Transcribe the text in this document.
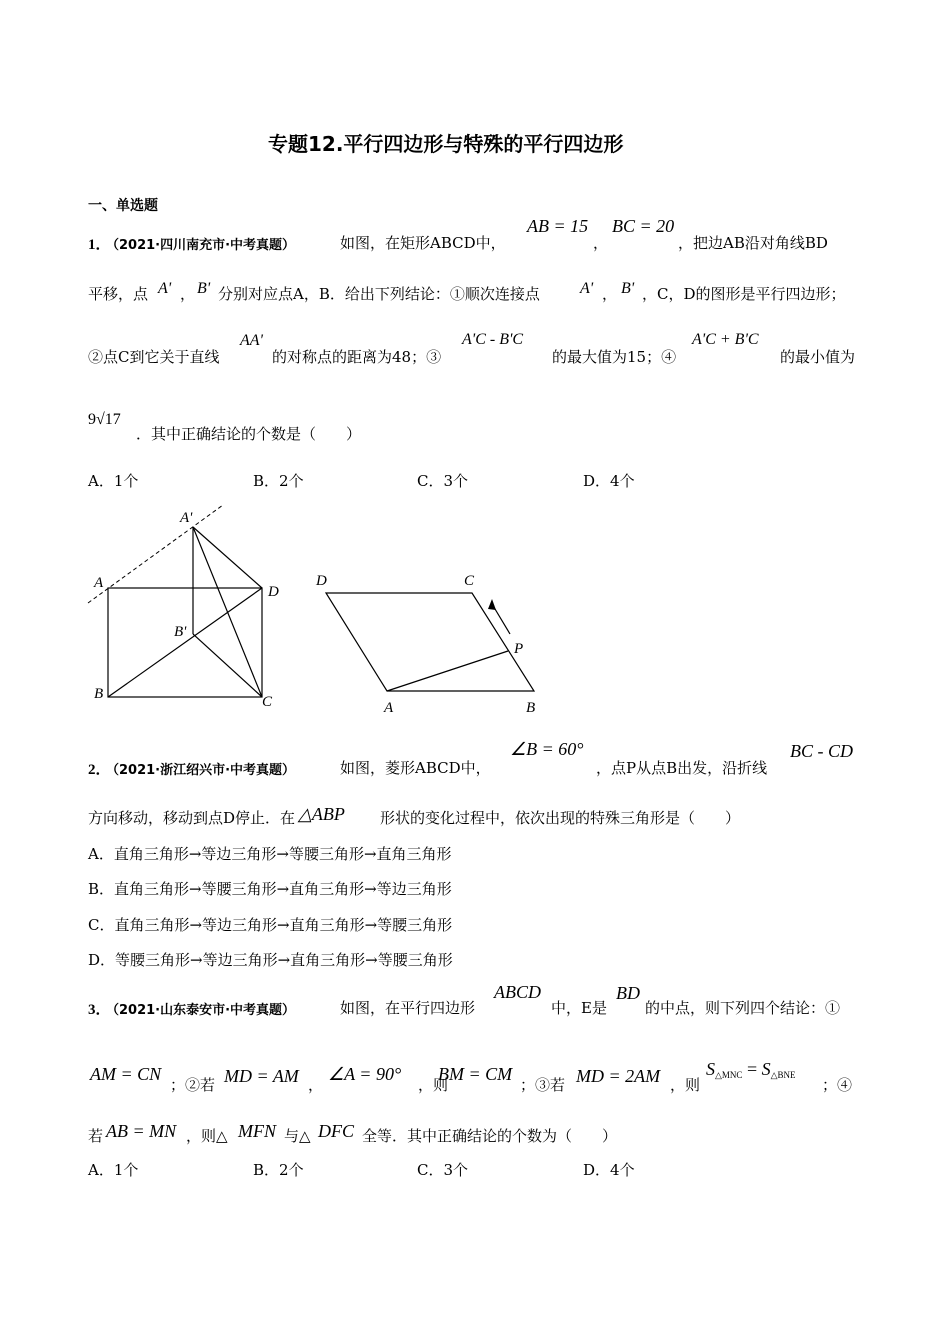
专题12.平行四边形与特殊的平行四边形
一、单选题
1．
（2021·四川南充市·中考真题）	如图，在矩形ABCD中，
AB = 15
，
BC = 20
，把边AB沿对角线BD
平移，点 A' ， B' 分别对应点A，B．给出下列结论：①顺次连接点	A' ， B' ，C，D的图形是平行四边形；
②点C到它关于直线
AA'
的对称点的距离为48；③
A'C - B'C
的最大值为15；④
A'C + B'C
的最小值为
9√17
．其中正确结论的个数是（　　）
A．1个	B．2个	C．3个	D．4个
A'
A
D
B'
B	C
D	C
P
A	B
2．
（2021·浙江绍兴市·中考真题）	如图，菱形ABCD中，
∠B = 60°
，点P从点B出发，沿折线
BC - CD
方向移动，移动到点D停止．在 △ABP 形状的变化过程中，依次出现的特殊三角形是（　　）
A．直角三角形→等边三角形→等腰三角形→直角三角形
B．直角三角形→等腰三角形→直角三角形→等边三角形
C．直角三角形→等边三角形→直角三角形→等腰三角形
D．等腰三角形→等边三角形→直角三角形→等腰三角形
3．
（2021·山东泰安市·中考真题）	如图，在平行四边形
ABCD
中，E是
BD
的中点，则下列四个结论：①
AM = CN
；②若 MD = AM ，
∠A = 90°
，则
BM = CM
；③若 MD = 2AM ，则
$S_{\triangle MNC} = S_{\triangle BNE}$
；④
若 AB = MN ，则△ MFN 与△ DFC 全等．其中正确结论的个数为（　　）
A．1个	B．2个	C．3个	D．4个
